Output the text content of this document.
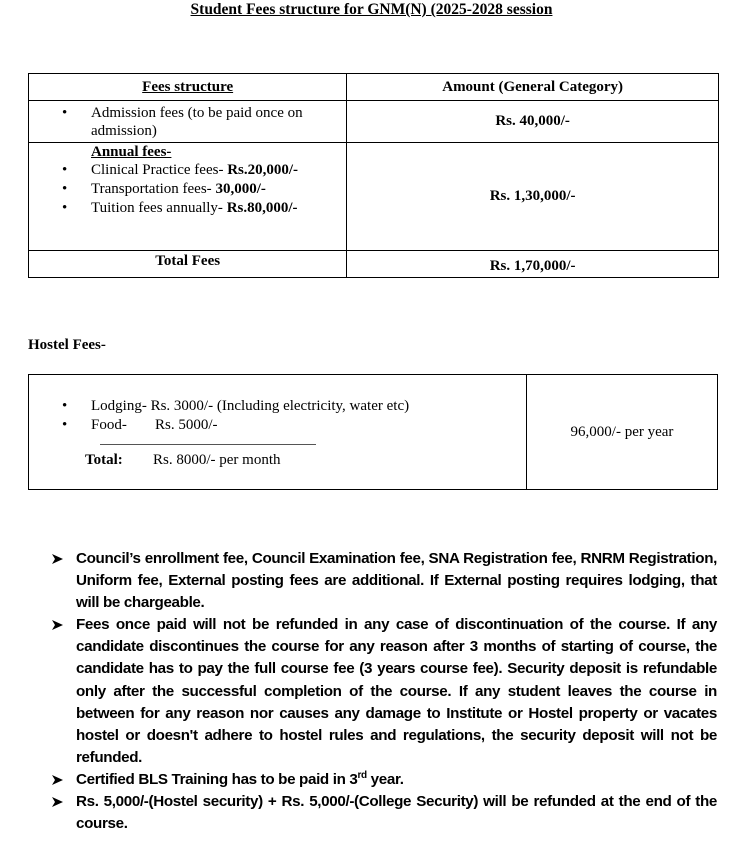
Student Fees structure for GNM(N) (2025-2028 session
Fees structure	Amount (General Category)

• Admission fees (to be paid once on admission)
	Rs. 40,000/-

Annual fees-
• Clinical Practice fees- Rs.20,000/-
• Transportation fees- 30,000/-
• Tuition fees annually- Rs.80,000/-
	Rs. 1,30,000/-
Total Fees	Rs. 1,70,000/-
Hostel Fees-
• Lodging- Rs. 3000/- (Including electricity, water etc)
• Food- Rs. 5000/-
Total: Rs. 8000/- per month
	96,000/- per year
Council’s enrollment fee, Council Examination fee, SNA Registration fee, RNRM Registration, Uniform fee, External posting fees are additional. If External posting requires lodging, that will be chargeable.
Fees once paid will not be refunded in any case of discontinuation of the course. If any candidate discontinues the course for any reason after 3 months of starting of course, the candidate has to pay the full course fee (3 years course fee). Security deposit is refundable only after the successful completion of the course. If any student leaves the course in between for any reason nor causes any damage to Institute or Hostel property or vacates hostel or doesn't adhere to hostel rules and regulations, the security deposit will not be refunded.
Certified BLS Training has to be paid in 3rd year.
Rs. 5,000/-(Hostel security) + Rs. 5,000/-(College Security) will be refunded at the end of the course.
